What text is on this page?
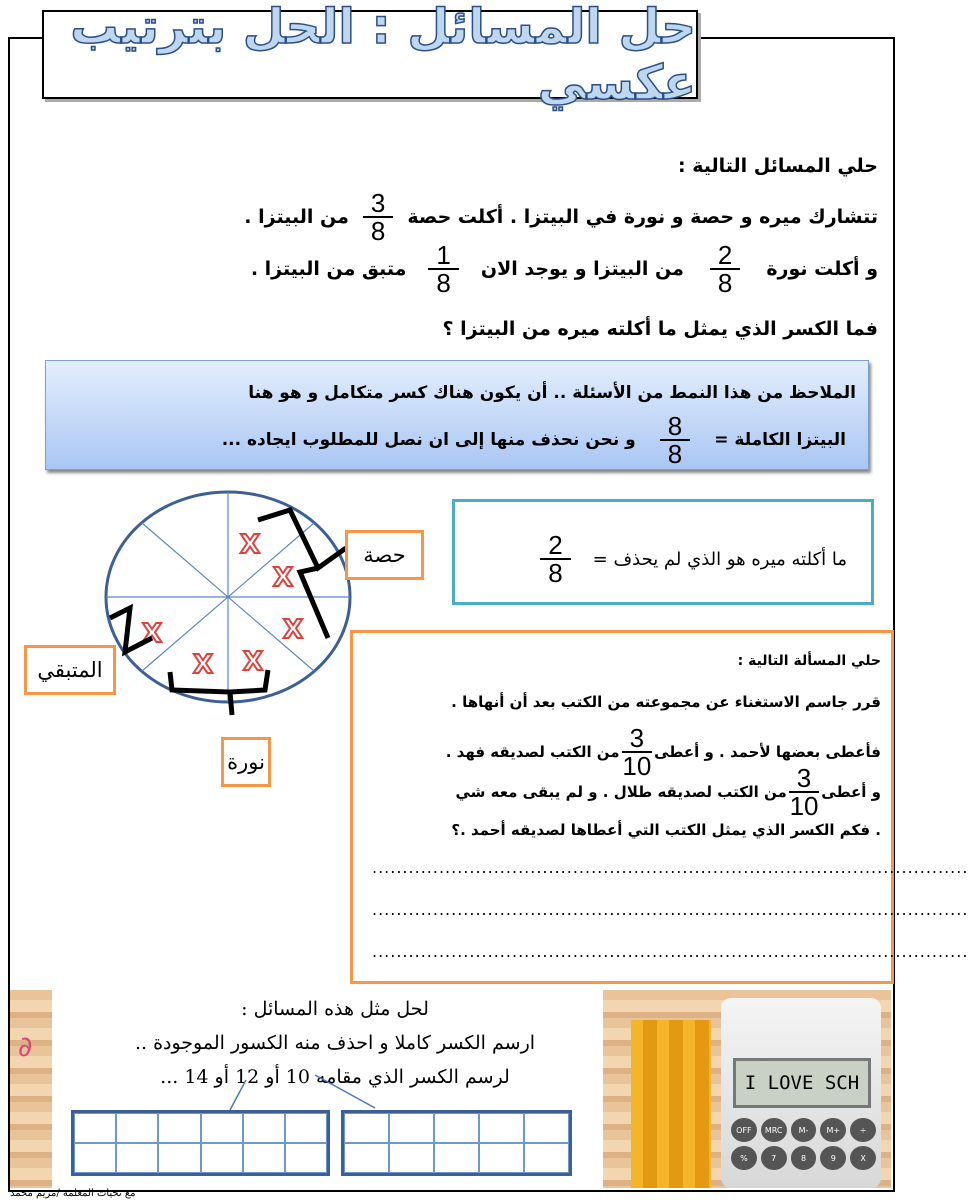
حل المسائل : الحل بترتيب عكسي
حلي المسائل التالية :
تتشارك ميره و حصة و نورة في البيتزا . أكلت حصة
$\frac{3}{8}$
من البيتزا .
و أكلت نورة
$\frac{2}{8}$
من البيتزا و يوجد الان
$\frac{1}{8}$
متبق من البيتزا .
فما الكسر الذي يمثل ما أكلته ميره من البيتزا ؟
الملاحظ من هذا النمط من الأسئلة .. أن يكون هناك كسر متكامل و هو هنا
البيتزا الكاملة =
$\frac{8}{8}$
و نحن نحذف منها إلى ان نصل للمطلوب ايجاده ...
X
X
X
X
X
X
ما أكلته ميره هو الذي لم يحذف =
$\frac{2}{8}$
حصة
المتبقي
نورة
حلي المسألة التالية :
قرر جاسم الاستغناء عن مجموعته من الكتب بعد أن أنهاها .
فأعطى بعضها لأحمد . و أعطى
$\frac{3}{10}$
من الكتب لصديقه فهد .
و أعطى
$\frac{3}{10}$
من الكتب لصديقه طلال . و لم يبقى معه شي
. فكم الكسر الذي يمثل الكتب التي أعطاها لصديقه أحمد .؟
..................................................................................................
..................................................................................................
..................................................................................................
∂
لحل مثل هذه المسائل :
ارسم الكسر كاملا و احذف منه الكسور الموجودة ..
لرسم الكسر الذي مقامه 10 أو 12 أو 14 ...	I LOVE SCH
OFF	MRC	M-	M+	÷
%	7	8	9	X
مع تحيات المعلمة /مريم محمد
